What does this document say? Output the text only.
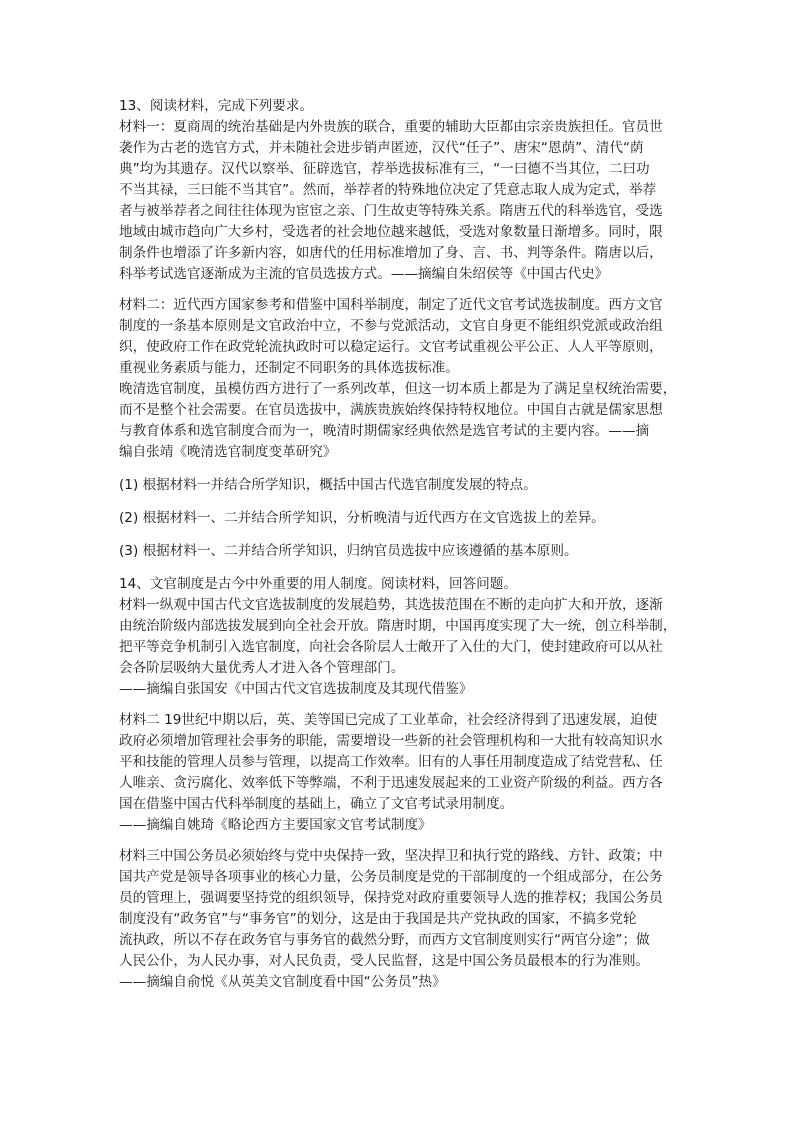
13、阅读材料，完成下列要求。
材料一：夏商周的统治基础是内外贵族的联合，重要的辅助大臣都由宗亲贵族担任。官员世
袭作为古老的选官方式，并未随社会进步销声匿迹，汉代“任子”、唐宋“恩荫”、清代“荫
典”均为其遗存。汉代以察举、征辟选官，荐举选拔标准有三，“一曰德不当其位，二曰功
不当其禄，三曰能不当其官”。然而，举荐者的特殊地位决定了凭意志取人成为定式，举荐
者与被举荐者之间往往体现为宦宦之亲、门生故吏等特殊关系。隋唐五代的科举选官，受选
地域由城市趋向广大乡村，受选者的社会地位越来越低，受选对象数量日渐增多。同时，限
制条件也增添了许多新内容，如唐代的任用标准增加了身、言、书、判等条件。隋唐以后，
科举考试选官逐渐成为主流的官员选拔方式。——摘编自朱绍侯等《中国古代史》
材料二：近代西方国家参考和借鉴中国科举制度，制定了近代文官考试选拔制度。西方文官
制度的一条基本原则是文官政治中立，不参与党派活动，文官自身更不能组织党派或政治组
织，使政府工作在政党轮流执政时可以稳定运行。文官考试重视公平公正、人人平等原则，
重视业务素质与能力，还制定不同职务的具体选拔标准。
晚清选官制度，虽模仿西方进行了一系列改革，但这一切本质上都是为了满足皇权统治需要，
而不是整个社会需要。在官员选拔中，满族贵族始终保持特权地位。中国自古就是儒家思想
与教育体系和选官制度合而为一，晚清时期儒家经典依然是选官考试的主要内容。——摘
编自张靖《晚清选官制度变革研究》
(1) 根据材料一并结合所学知识，概括中国古代选官制度发展的特点。
(2) 根据材料一、二并结合所学知识，分析晚清与近代西方在文官选拔上的差异。
(3) 根据材料一、二并结合所学知识，归纳官员选拔中应该遵循的基本原则。
14、文官制度是古今中外重要的用人制度。阅读材料，回答问题。
材料一纵观中国古代文官选拔制度的发展趋势，其选拔范围在不断的走向扩大和开放，逐渐
由统治阶级内部选拔发展到向全社会开放。隋唐时期，中国再度实现了大一统，创立科举制，
把平等竞争机制引入选官制度，向社会各阶层人士敞开了入仕的大门，使封建政府可以从社
会各阶层吸纳大量优秀人才进入各个管理部门。
——摘编自张国安《中国古代文官选拔制度及其现代借鉴》
材料二 19世纪中期以后，英、美等国已完成了工业革命，社会经济得到了迅速发展，迫使
政府必须增加管理社会事务的职能，需要增设一些新的社会管理机构和一大批有较高知识水
平和技能的管理人员参与管理，以提高工作效率。旧有的人事任用制度造成了结党营私、任
人唯亲、贪污腐化、效率低下等弊端，不利于迅速发展起来的工业资产阶级的利益。西方各
国在借鉴中国古代科举制度的基础上，确立了文官考试录用制度。
——摘编自姚琦《略论西方主要国家文官考试制度》
材料三中国公务员必须始终与党中央保持一致，坚决捍卫和执行党的路线、方针、政策；中
国共产党是领导各项事业的核心力量，公务员制度是党的干部制度的一个组成部分，在公务
员的管理上，强调要坚持党的组织领导，保持党对政府重要领导人选的推荐权；我国公务员
制度没有“政务官”与“事务官”的划分，这是由于我国是共产党执政的国家，不搞多党轮
流执政，所以不存在政务官与事务官的截然分野，而西方文官制度则实行“两官分途”；做
人民公仆，为人民办事，对人民负责，受人民监督，这是中国公务员最根本的行为准则。
——摘编自俞悦《从英美文官制度看中国“公务员”热》
